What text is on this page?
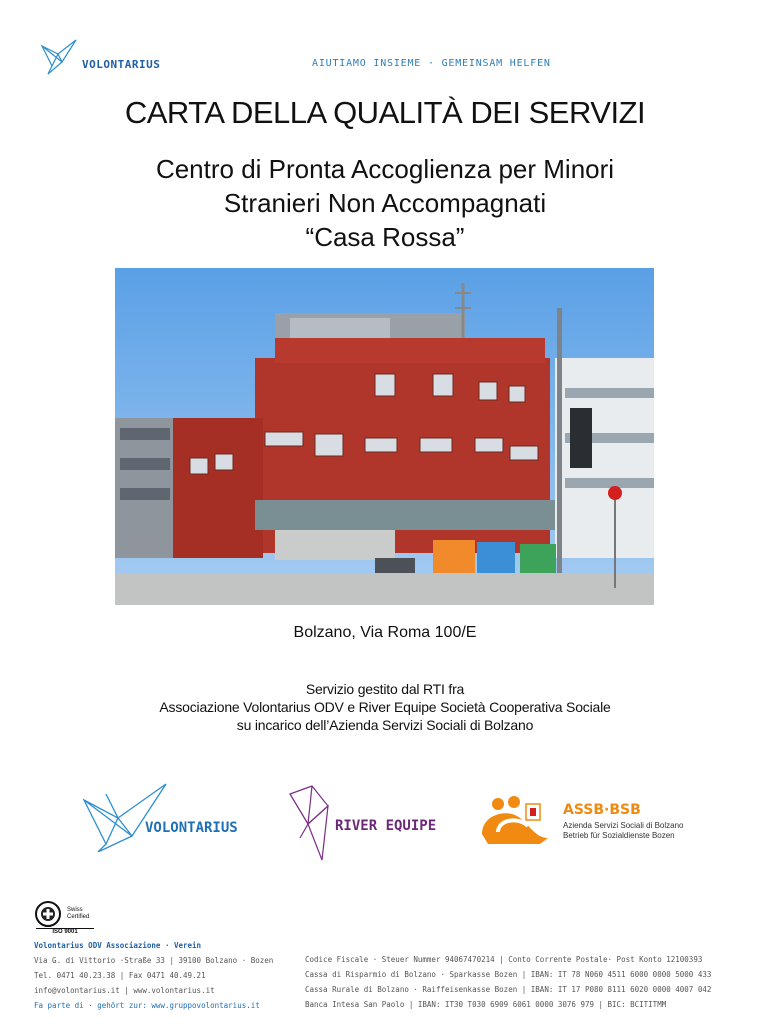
VOLONTARIUS	AIUTIAMO INSIEME · GEMEINSAM HELFEN
CARTA DELLA QUALITÀ DEI SERVIZI
Centro di Pronta Accoglienza per Minori
Stranieri Non Accompagnati
“Casa Rossa”
Bolzano, Via Roma 100/E
Servizio gestito dal RTI fra
Associazione Volontarius ODV e River Equipe Società Cooperativa Sociale
su incarico dell’Azienda Servizi Sociali di Bolzano
VOLONTARIUS	RIVER EQUIPE
ASSB·BSB
Azienda Servizi Sociali di Bolzano
Betrieb für Sozialdienste Bozen
Swiss
Certified
ISO 9001
Volontarius ODV Associazione · Verein
Via G. di Vittorio ·Straße 33 | 39100 Bolzano · Bozen
Tel. 0471 40.23.38 | Fax 0471 40.49.21
info@volontarius.it | www.volontarius.it
Fa parte di · gehört zur: www.gruppovolontarius.it
Codice Fiscale · Steuer Nummer 94067470214 | Conto Corrente Postale· Post Konto 12100393
Cassa di Risparmio di Bolzano · Sparkasse Bozen | IBAN: IT 78 N060 4511 6000 0000 5000 433
Cassa Rurale di Bolzano · Raiffeisenkasse Bozen | IBAN: IT 17 P080 8111 6020 0000 4007 042
Banca Intesa San Paolo | IBAN: IT30 T030 6909 6061 0000 3076 979 | BIC: BCITITMM
